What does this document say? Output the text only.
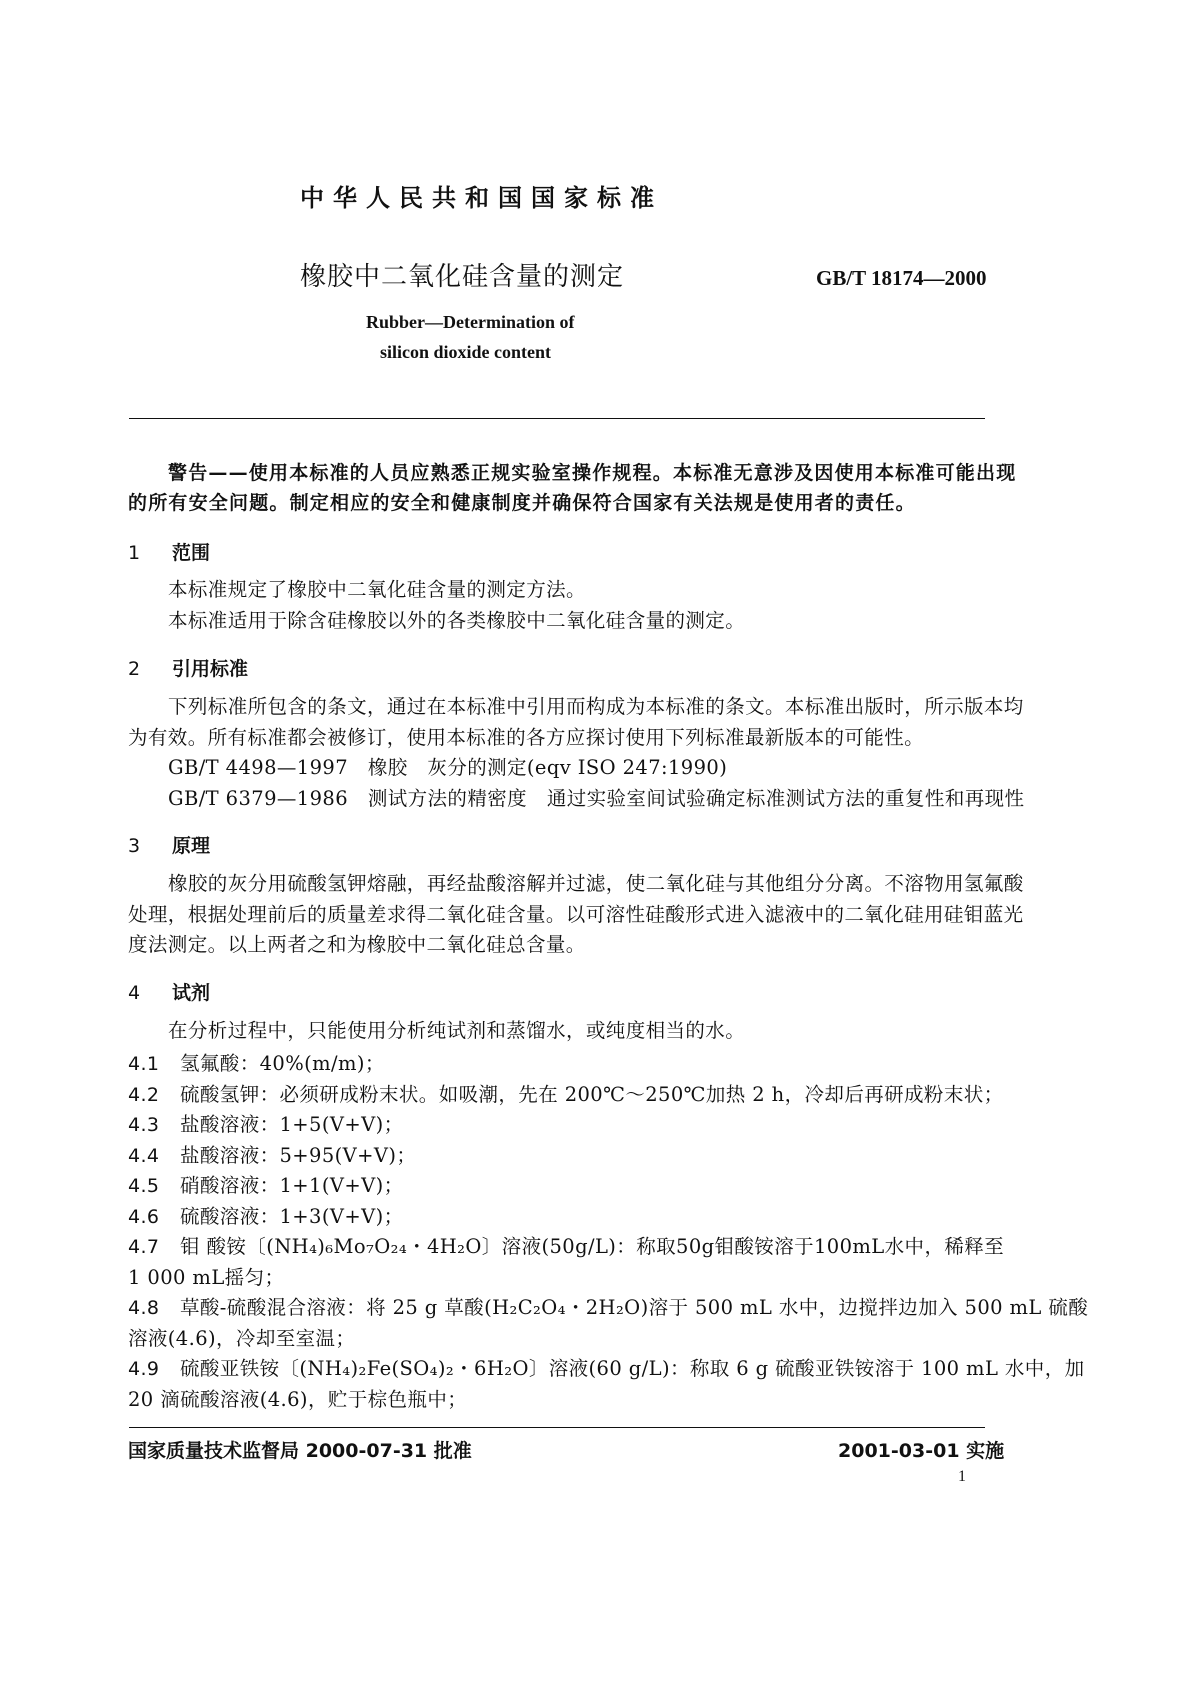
中华人民共和国国家标准
橡胶中二氧化硅含量的测定	GB/T 18174—2000
Rubber—Determination of
silicon dioxide content
警告——使用本标准的人员应熟悉正规实验室操作规程。本标准无意涉及因使用本标准可能出现
的所有安全问题。制定相应的安全和健康制度并确保符合国家有关法规是使用者的责任。
1 范围
本标准规定了橡胶中二氧化硅含量的测定方法。
本标准适用于除含硅橡胶以外的各类橡胶中二氧化硅含量的测定。
2 引用标准
下列标准所包含的条文，通过在本标准中引用而构成为本标准的条文。本标准出版时，所示版本均
为有效。所有标准都会被修订，使用本标准的各方应探讨使用下列标准最新版本的可能性。
GB/T 4498—1997   橡胶   灰分的测定(eqv ISO 247:1990)
GB/T 6379—1986   测试方法的精密度   通过实验室间试验确定标准测试方法的重复性和再现性
3 原理
橡胶的灰分用硫酸氢钾熔融，再经盐酸溶解并过滤，使二氧化硅与其他组分分离。不溶物用氢氟酸
处理，根据处理前后的质量差求得二氧化硅含量。以可溶性硅酸形式进入滤液中的二氧化硅用硅钼蓝光
度法测定。以上两者之和为橡胶中二氧化硅总含量。
4 试剂
在分析过程中，只能使用分析纯试剂和蒸馏水，或纯度相当的水。
4.1 氢氟酸：40%(m/m)；
4.2 硫酸氢钾：必须研成粉末状。如吸潮，先在 200℃～250℃加热 2 h，冷却后再研成粉末状；
4.3 盐酸溶液：1+5(V+V)；
4.4 盐酸溶液：5+95(V+V)；
4.5 硝酸溶液：1+1(V+V)；
4.6 硫酸溶液：1+3(V+V)；
4.7 钼 酸铵〔(NH₄)₆Mo₇O₂₄・4H₂O〕溶液(50g/L)：称取50g钼酸铵溶于100mL水中，稀释至
1 000 mL摇匀；
4.8 草酸-硫酸混合溶液：将 25 g 草酸(H₂C₂O₄・2H₂O)溶于 500 mL 水中，边搅拌边加入 500 mL 硫酸
溶液(4.6)，冷却至室温；
4.9 硫酸亚铁铵〔(NH₄)₂Fe(SO₄)₂・6H₂O〕溶液(60 g/L)：称取 6 g 硫酸亚铁铵溶于 100 mL 水中，加
20 滴硫酸溶液(4.6)，贮于棕色瓶中；
国家质量技术监督局 2000-07-31 批准	2001-03-01 实施
1
